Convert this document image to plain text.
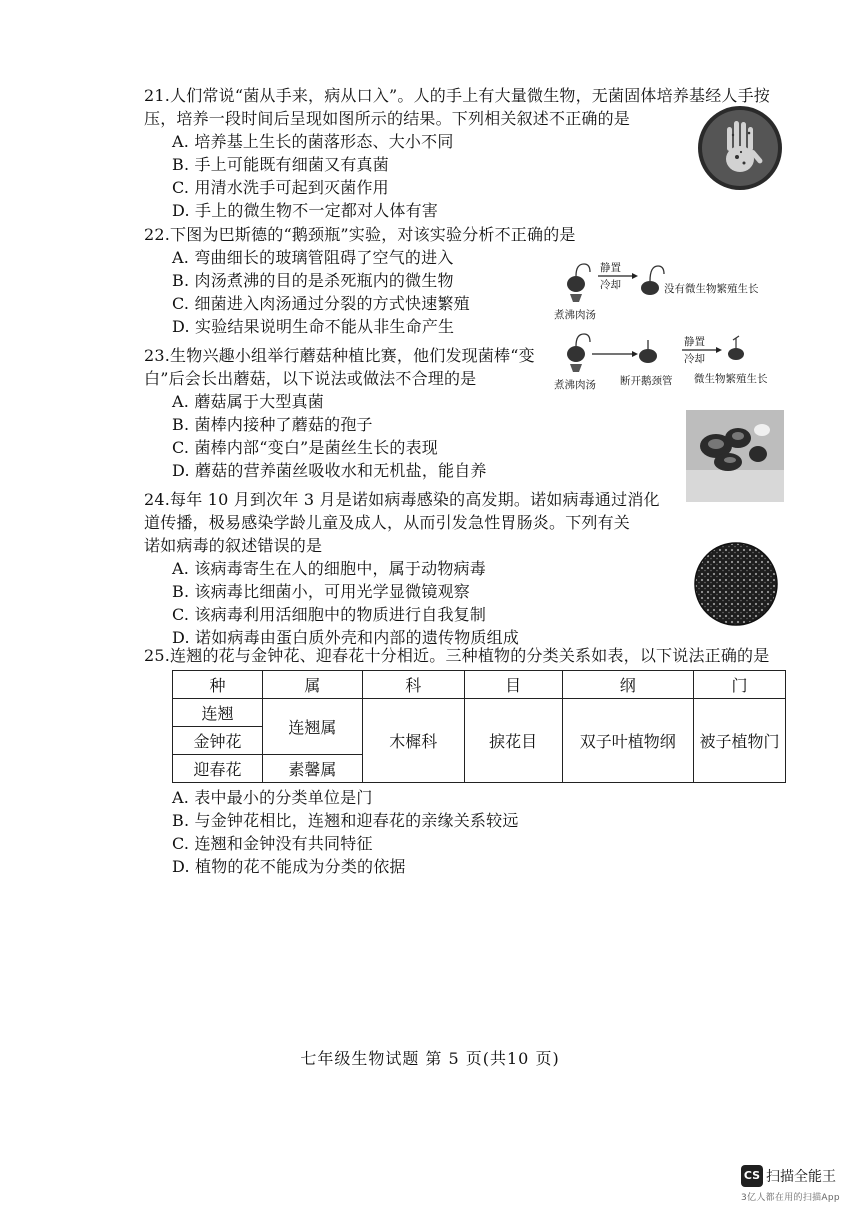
21.人们常说“菌从手来，病从口入”。人的手上有大量微生物，无菌固体培养基经人手按
压，培养一段时间后呈现如图所示的结果。下列相关叙述不正确的是
A. 培养基上生长的菌落形态、大小不同
B. 手上可能既有细菌又有真菌
C. 用清水洗手可起到灭菌作用
D. 手上的微生物不一定都对人体有害
22.下图为巴斯德的“鹅颈瓶”实验，对该实验分析不正确的是
A. 弯曲细长的玻璃管阻碍了空气的进入
B. 肉汤煮沸的目的是杀死瓶内的微生物
C. 细菌进入肉汤通过分裂的方式快速繁殖
D. 实验结果说明生命不能从非生命产生
煮沸肉汤
静置
冷却	没有微生物繁殖生长
煮沸肉汤 断开鹅颈管
静置
冷却
微生物繁殖生长
23.生物兴趣小组举行蘑菇种植比赛，他们发现菌棒“变
白”后会长出蘑菇，以下说法或做法不合理的是
A. 蘑菇属于大型真菌
B. 菌棒内接种了蘑菇的孢子
C. 菌棒内部“变白”是菌丝生长的表现
D. 蘑菇的营养菌丝吸收水和无机盐，能自养
24.每年 10 月到次年 3 月是诺如病毒感染的高发期。诺如病毒通过消化
道传播，极易感染学龄儿童及成人，从而引发急性胃肠炎。下列有关
诺如病毒的叙述错误的是
A. 该病毒寄生在人的细胞中，属于动物病毒
B. 该病毒比细菌小，可用光学显微镜观察
C. 该病毒利用活细胞中的物质进行自我复制
D. 诺如病毒由蛋白质外壳和内部的遗传物质组成
25.连翘的花与金钟花、迎春花十分相近。三种植物的分类关系如表，以下说法正确的是
种	属	科	目	纲	门
连翘	连翘属	木樨科	捩花目	双子叶植物纲	被子植物门
金钟花					
迎春花	素馨属				
A. 表中最小的分类单位是门
B. 与金钟花相比，连翘和迎春花的亲缘关系较远
C. 连翘和金钟没有共同特征
D. 植物的花不能成为分类的依据
七年级生物试题 第 5 页(共10 页)
CS 扫描全能王
3亿人都在用的扫描App
